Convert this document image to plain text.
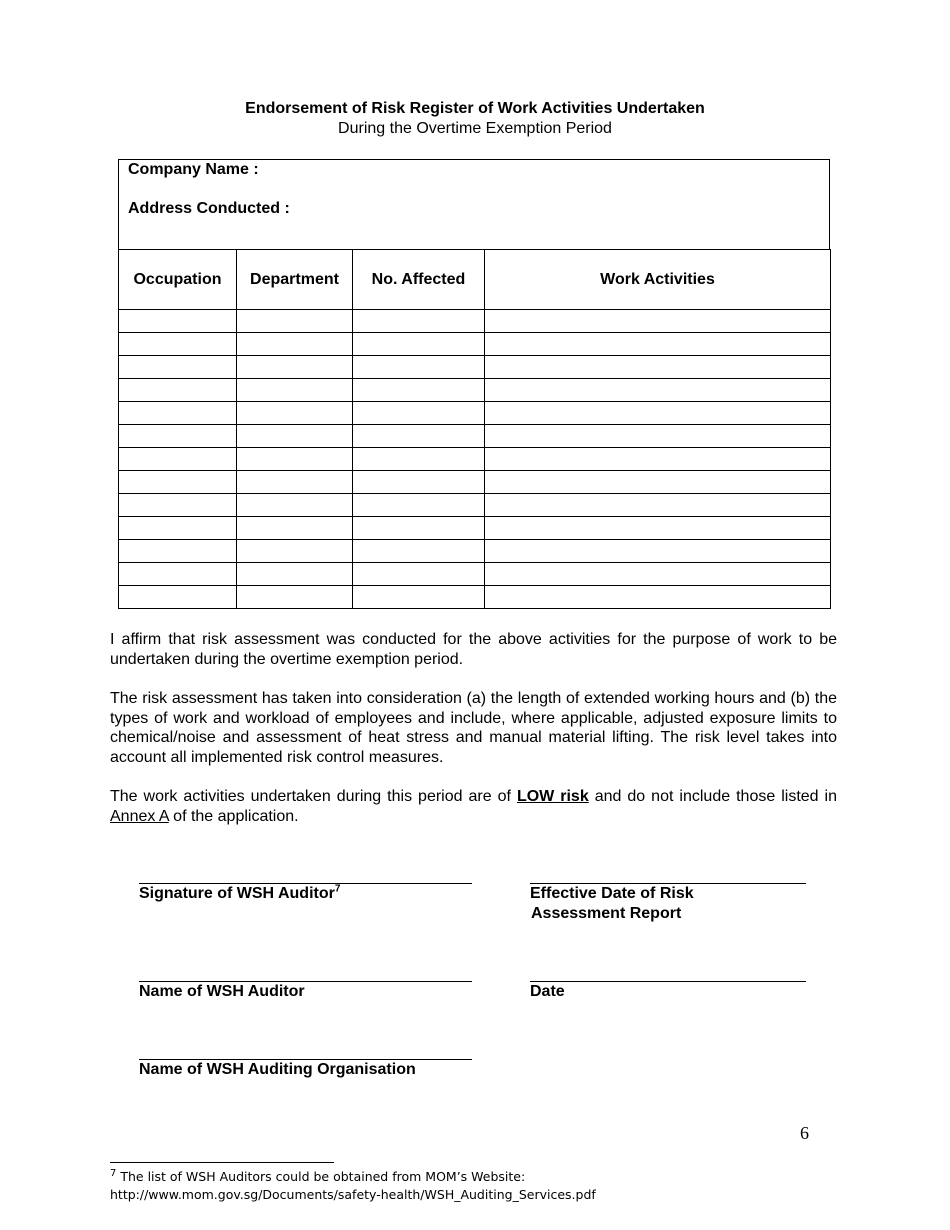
Endorsement of Risk Register of Work Activities Undertaken
During the Overtime Exemption Period
Company Name :
Address Conducted :
Occupation	Department	No. Affected	Work Activities

I affirm that risk assessment was conducted for the above activities for the purpose of work to be undertaken during the overtime exemption period.
The risk assessment has taken into consideration (a) the length of extended working hours and (b) the types of work and workload of employees and include, where applicable, adjusted exposure limits to chemical/noise and assessment of heat stress and manual material lifting. The risk level takes into account all implemented risk control measures.
The work activities undertaken during this period are of LOW risk and do not include those listed in Annex A of the application.
Signature of WSH Auditor$^7$	Effective Date of Risk
Assessment Report
Name of WSH Auditor	Date
Name of WSH Auditing Organisation
6
$^7$ The list of WSH Auditors could be obtained from MOM’s Website:
http://www.mom.gov.sg/Documents/safety-health/WSH_Auditing_Services.pdf
